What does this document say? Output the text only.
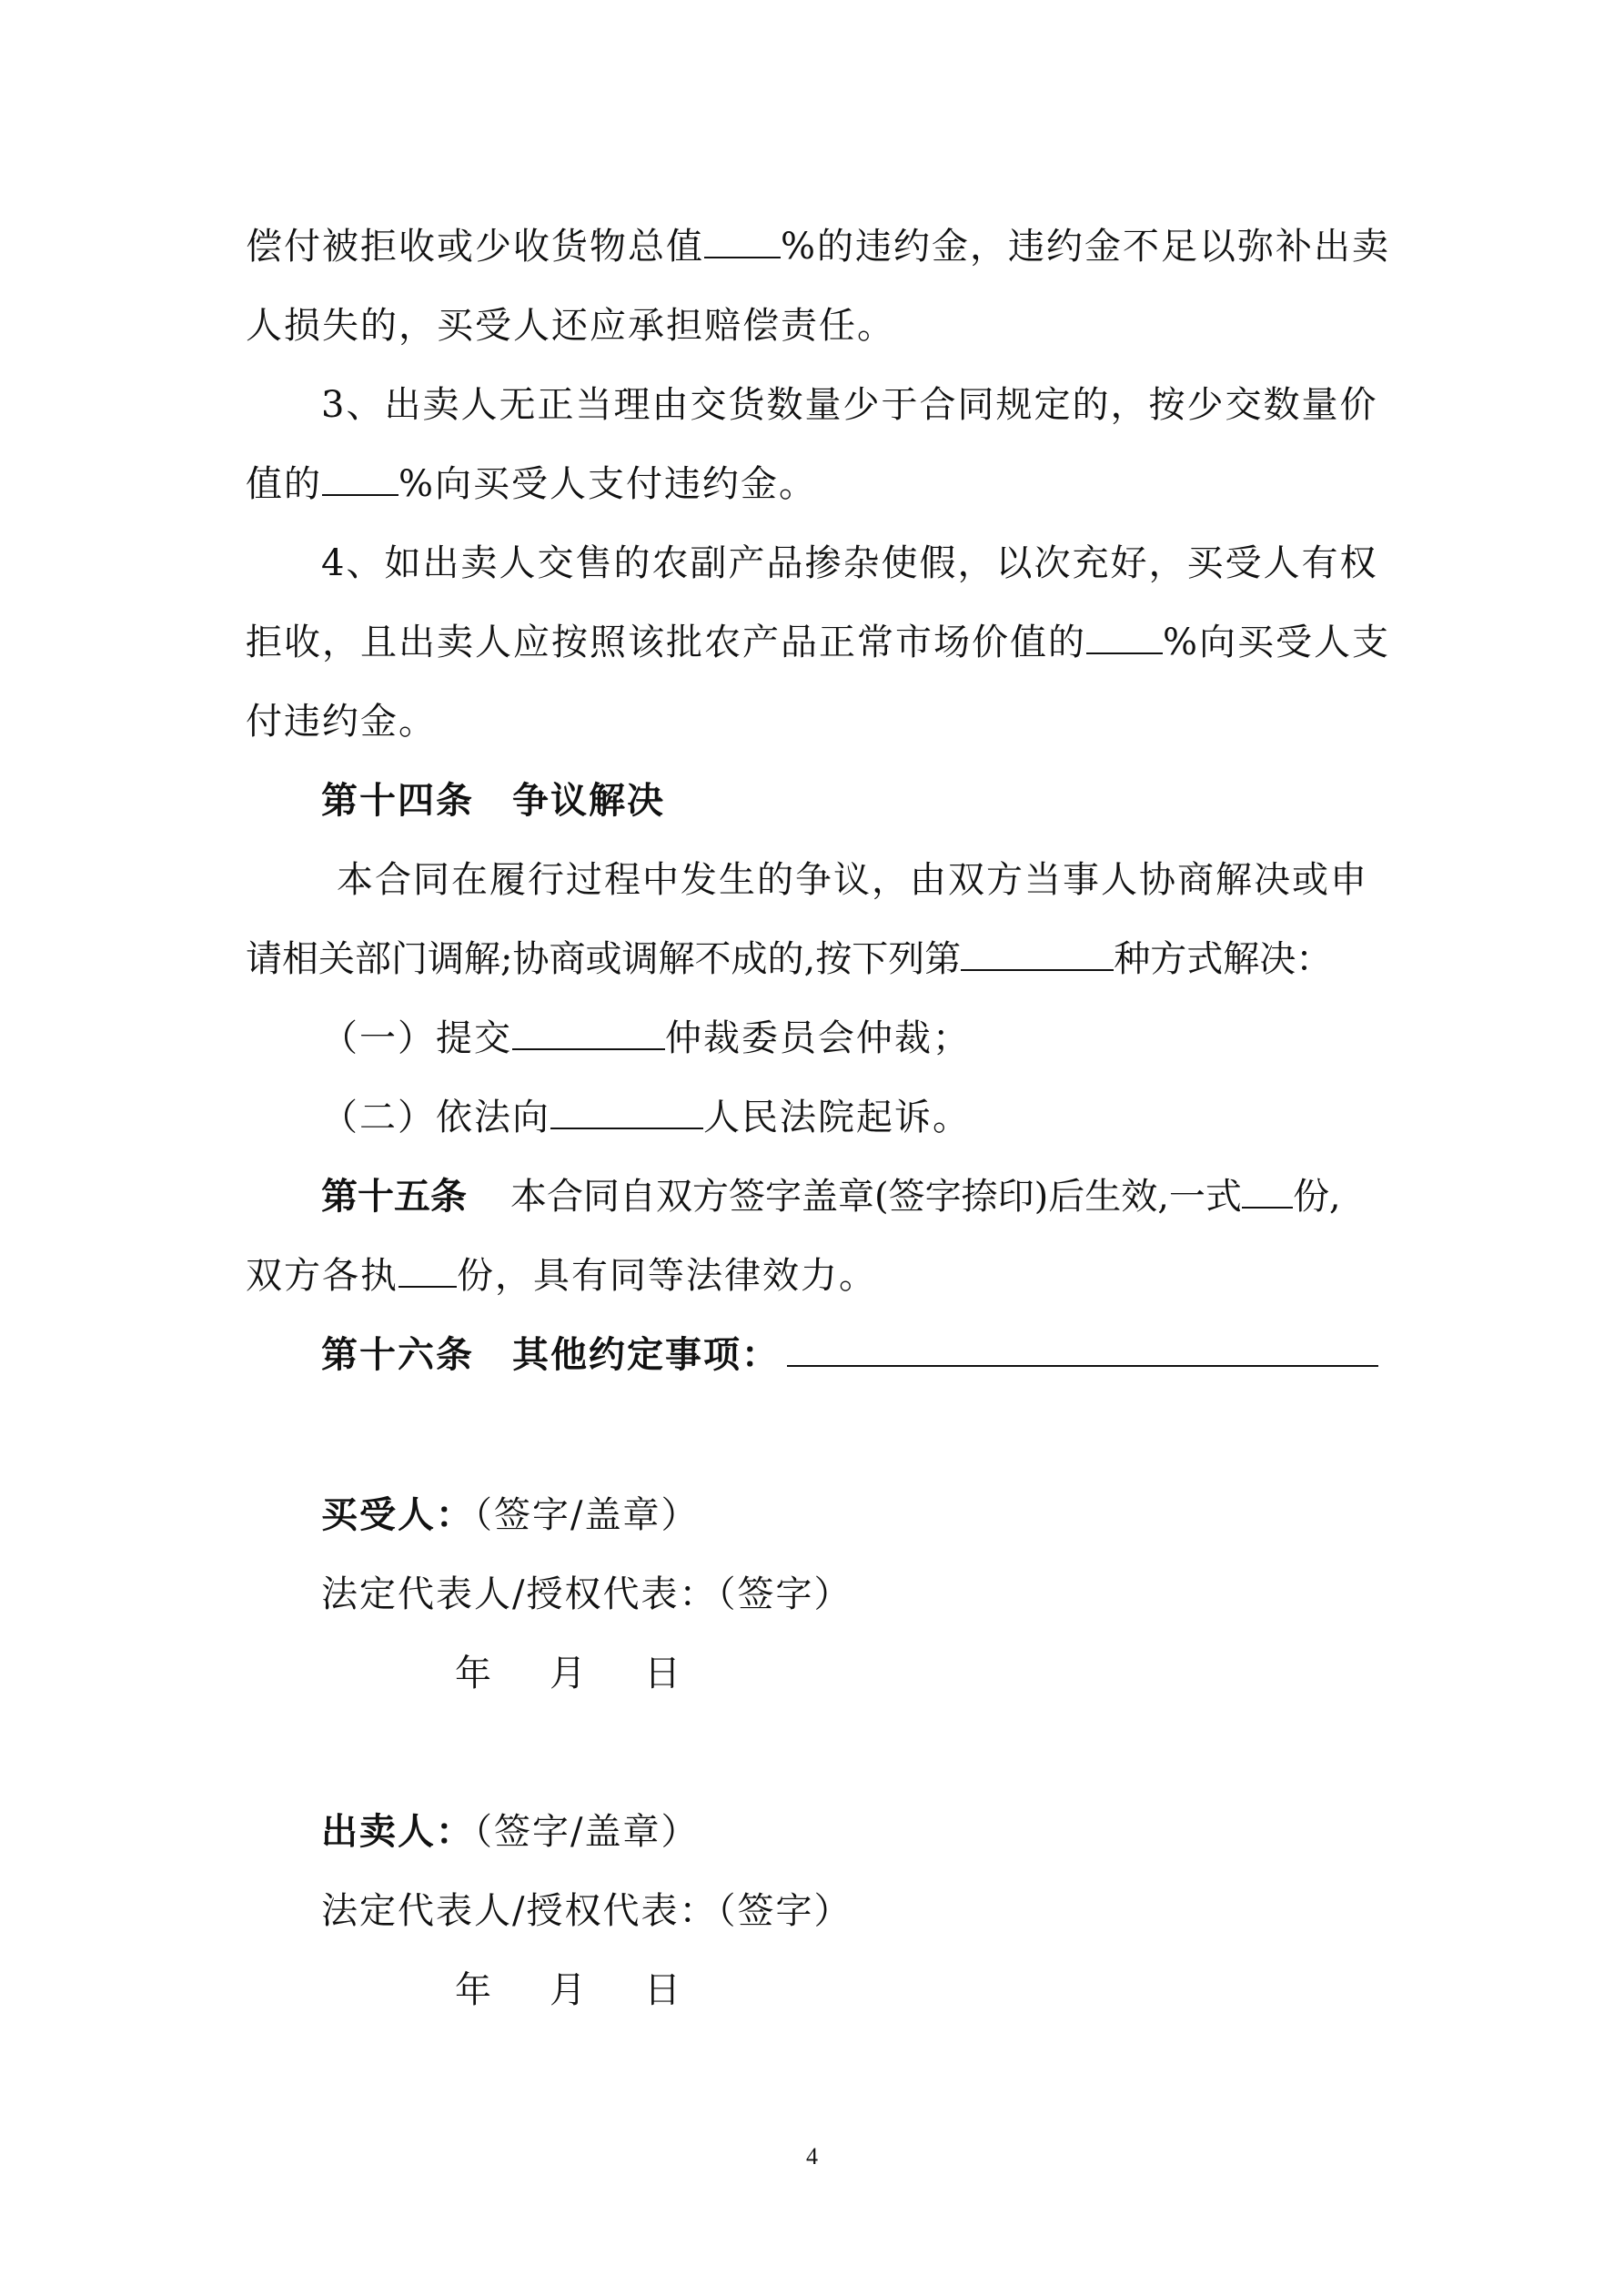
偿付被拒收或少收货物总值 %的违约金，违约金不足以弥补出卖
人损失的，买受人还应承担赔偿责任。
3、出卖人无正当理由交货数量少于合同规定的，按少交数量价
值的 %向买受人支付违约金。
4、如出卖人交售的农副产品掺杂使假，以次充好，买受人有权
拒收，且出卖人应按照该批农产品正常市场价值的 %向买受人支
付违约金。
第十四条　争议解决
本合同在履行过程中发生的争议，由双方当事人协商解决或申
请相关部门调解;协商或调解不成的,按下列第	种方式解决：
（一）提交	仲裁委员会仲裁；
（二）依法向	人民法院起诉。
第十五条 本合同自双方签字盖章(签字捺印)后生效,一式 份,
双方各执 份，具有同等法律效力。
第十六条　其他约定事项：
买受人：（签字/盖章）
法定代表人/授权代表：（签字）
年 月 日
出卖人：（签字/盖章）
法定代表人/授权代表：（签字）
年 月 日
4
